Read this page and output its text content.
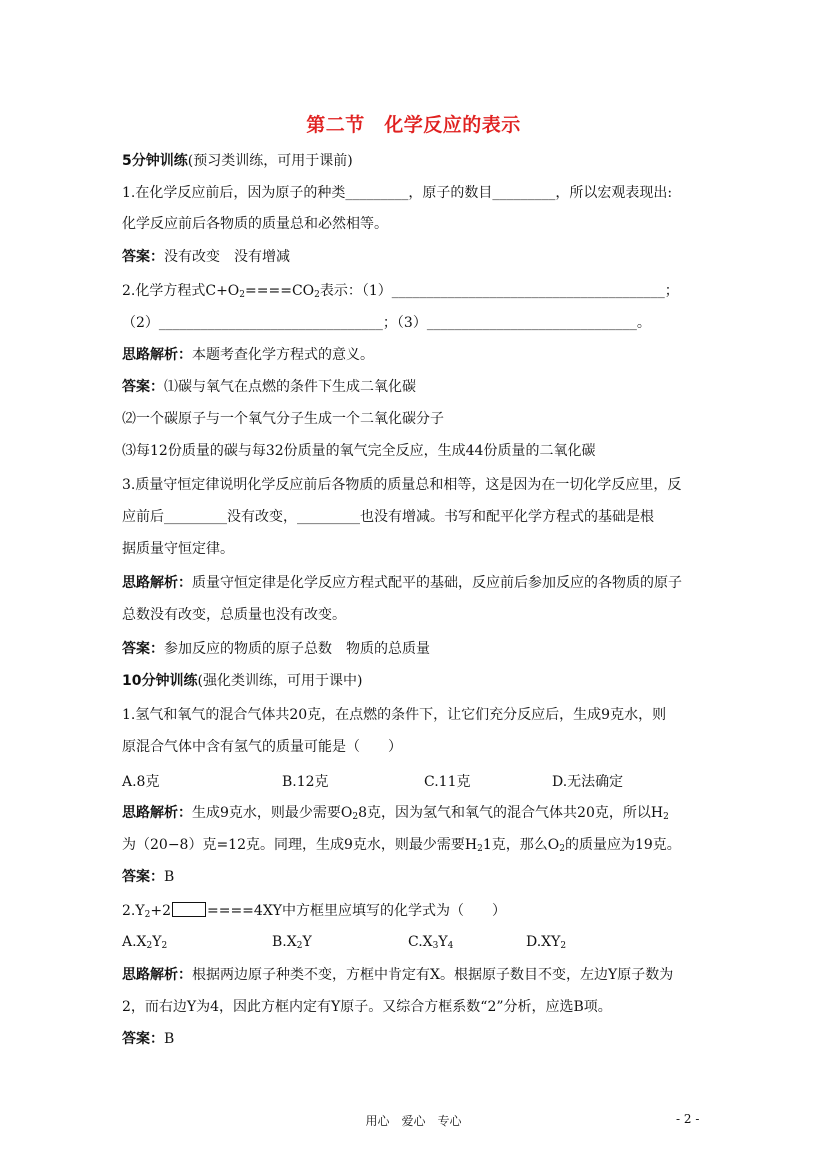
第二节　化学反应的表示
5分钟训练(预习类训练，可用于课前)
1.在化学反应前后，因为原子的种类_________，原子的数目_________，所以宏观表现出:
化学反应前后各物质的质量总和必然相等。
答案：没有改变　没有增减
2.化学方程式$C+O_2====CO_2$表示：（1）_______________________________________；
（2）________________________________；（3）______________________________。
思路解析：本题考查化学方程式的意义。
答案：⑴碳与氧气在点燃的条件下生成二氧化碳
⑵一个碳原子与一个氧气分子生成一个二氧化碳分子
⑶每12份质量的碳与每32份质量的氧气完全反应，生成44份质量的二氧化碳
3.质量守恒定律说明化学反应前后各物质的质量总和相等，这是因为在一切化学反应里，反
应前后_________没有改变，_________也没有增减。书写和配平化学方程式的基础是根
据质量守恒定律。
思路解析：质量守恒定律是化学反应方程式配平的基础，反应前后参加反应的各物质的原子
总数没有改变，总质量也没有改变。
答案：参加反应的物质的原子总数　物质的总质量
10分钟训练(强化类训练，可用于课中)
1.氢气和氧气的混合气体共20克，在点燃的条件下，让它们充分反应后，生成9克水，则
原混合气体中含有氢气的质量可能是（　　）
A.8克	B.12克	C.11克	D.无法确定
思路解析：生成9克水，则最少需要$O_28$克，因为氢气和氧气的混合气体共20克，所以$H_2$
为（20−8）克=12克。同理，生成9克水，则最少需要$H_21$克，那么$O_2$的质量应为19克。
答案：B
$2.Y_2+2$	====4XY中方框里应填写的化学式为（　　）
$A.X_2Y_2$	$B.X_2Y$	$C.X_3Y_4$	$D.XY_2$
思路解析：根据两边原子种类不变，方框中肯定有X。根据原子数目不变，左边Y原子数为
2，而右边Y为4，因此方框内定有Y原子。又综合方框系数“2”分析，应选B项。
答案：B
用心　爱心　专心	- 2 -
